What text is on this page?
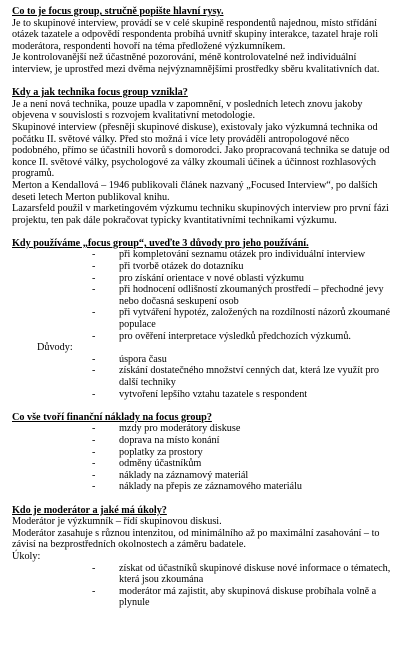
Co to je focus group, stručně popište hlavní rysy.

Je to skupinové interview, provádí se v celé skupině respondentů najednou, místo střídání otázek tazatele a odpovědí respondenta probíhá uvnitř skupiny interakce, tazatel hraje roli moderátora, respondenti hovoří na téma předložené výzkumníkem.

Je kontrolovanější než účastněné pozorování, méně kontrolovatelné než individuální interview, je uprostřed mezi dvěma nejvýznamnějšími prostředky sběru kvalitativních dat.

Kdy a jak technika focus group vznikla?

Je a není nová technika, pouze upadla v zapomnění, v posledních letech znovu jakoby objevena v souvislosti s rozvojem kvalitativní metodologie.

Skupinové interview (přesněji skupinové diskuse), existovaly jako výzkumná technika od počátku II. světové války. Před sto možná i více lety prováděli antropologové něco podobného, přímo se účastnili hovorů s domorodci. Jako propracovaná technika se datuje od konce II. světové války, psychologové za války zkoumali účinek a účinnost rozhlasových programů.

Merton a Kendallová – 1946 publikovali článek nazvaný „Focused Interview“, po dalších deseti letech Merton publikoval knihu.

Lazarsfeld použil v marketingovém výzkumu techniku skupinových interview pro první fázi projektu, ten pak dále pokračovat typicky kvantitativními technikami výzkumu.

Kdy používáme „focus group“, uveďte 3 důvody pro jeho používání.

- při kompletování seznamu otázek pro individuální interview
- při tvorbě otázek do dotazníku
- pro získání orientace v nové oblasti výzkumu
- při hodnocení odlišností zkoumaných prostředí – přechodné jevy nebo dočasná seskupení osob
- při vytváření hypotéz, založených na rozdílností názorů zkoumané populace
- pro ověření interpretace výsledků předchozích výzkumů.

Důvody:

- úspora času
- získání dostatečného množství cenných dat, která lze využít pro další techniky
- vytvoření lepšího vztahu tazatele s respondent

Co vše tvoří finanční náklady na focus group?

- mzdy pro moderátory diskuse
- doprava na místo konání
- poplatky za prostory
- odměny účastníkům
- náklady na záznamový materiál
- náklady na přepis ze záznamového materiálu

Kdo je moderátor a jaké má úkoly?

Moderátor je výzkumník – řídí skupinovou diskusi.

Moderátor zasahuje s různou intenzitou, od minimálního až po maximální zasahování – to závisí na bezprostředních okolnostech a záměru badatele.

Úkoly:

- získat od účastníků skupinové diskuse nové informace o tématech, která jsou zkoumána
- moderátor má zajistit, aby skupinová diskuse probíhala volně a plynule
